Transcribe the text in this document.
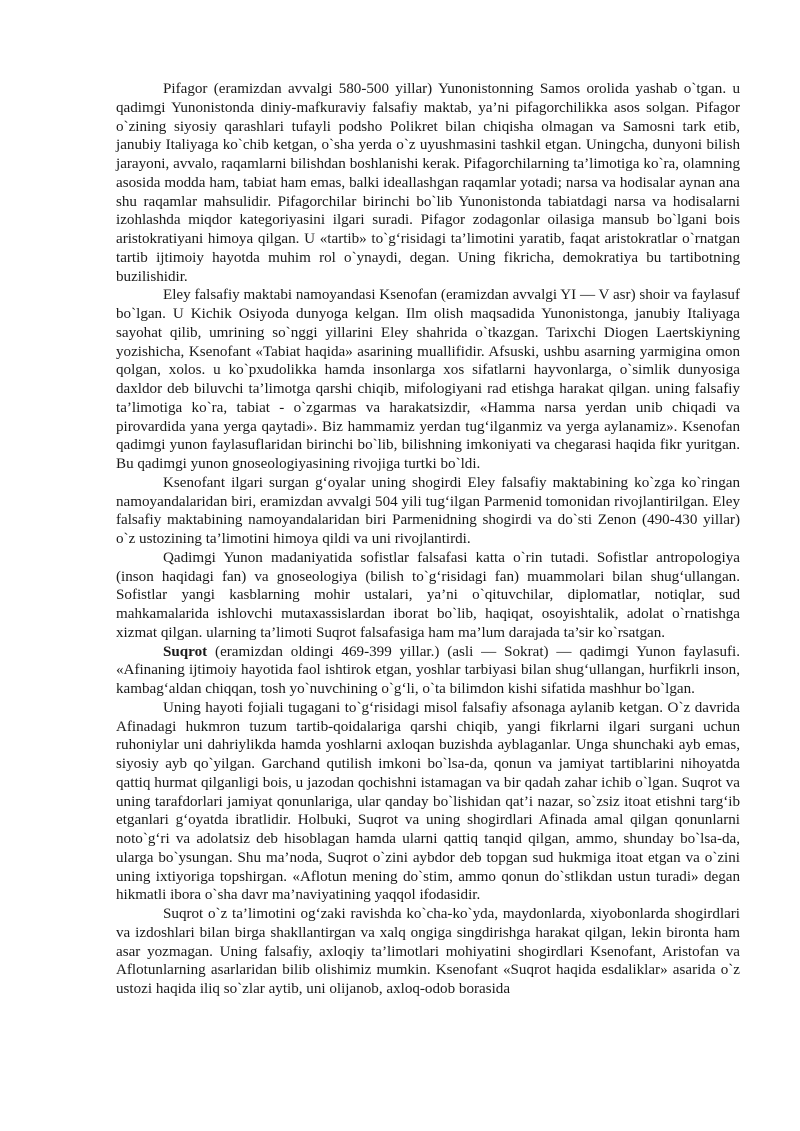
Pifagor (eramizdan avvalgi 580-500 yillar) Yunonistonning Samos orolida yashab o`tgan. u qadimgi Yunonistonda diniy-mafkuraviy falsafiy maktab, ya’ni pifagorchilikka asos solgan. Pifagor o`zining siyosiy qarashlari tufayli podsho Polikret bilan chiqisha olmagan va Samosni tark etib, janubiy Italiyaga ko`chib ketgan, o`sha yerda o`z uyushmasini tashkil etgan. Uningcha, dunyoni bilish jarayoni, avvalo, raqamlarni bilishdan boshlanishi kerak. Pifagorchilarning ta’limotiga ko`ra, olamning asosida modda ham, tabiat ham emas, balki ideallashgan raqamlar yotadi; narsa va hodisalar aynan ana shu raqamlar mahsulidir. Pifagorchilar birinchi bo`lib Yunonistonda tabiatdagi narsa va hodisalarni izohlashda miqdor kategoriyasini ilgari suradi. Pifagor zodagonlar oilasiga mansub bo`lgani bois aristokratiyani himoya qilgan. U «tartib» to`g‘risidagi ta’limotini yaratib, faqat aristokratlar o`rnatgan tartib ijtimoiy hayotda muhim rol o`ynaydi, degan. Uning fikricha, demokratiya bu tartibotning buzilishidir.

Eley falsafiy maktabi namoyandasi Ksenofan (eramizdan avvalgi YI — V asr) shoir va faylasuf bo`lgan. U Kichik Osiyoda dunyoga kelgan. Ilm olish maqsadida Yunonistonga, janubiy Italiyaga sayohat qilib, umrining so`nggi yillarini Eley shahrida o`tkazgan. Tarixchi Diogen Laertskiyning yozishicha, Ksenofant «Tabiat haqida» asarining muallifidir. Afsuski, ushbu asarning yarmigina omon qolgan, xolos. u ko`pxudolikka hamda insonlarga xos sifatlarni hayvonlarga, o`simlik dunyosiga daxldor deb biluvchi ta’limotga qarshi chiqib, mifologiyani rad etishga harakat qilgan. uning falsafiy ta’limotiga ko`ra, tabiat - o`zgarmas va harakatsizdir, «Hamma narsa yerdan unib chiqadi va pirovardida yana yerga qaytadi». Biz hammamiz yerdan tug‘ilganmiz va yerga aylanamiz». Ksenofan qadimgi yunon faylasuflaridan birinchi bo`lib, bilishning imkoniyati va chegarasi haqida fikr yuritgan. Bu qadimgi yunon gnoseologiyasining rivojiga turtki bo`ldi.

Ksenofant ilgari surgan g‘oyalar uning shogirdi Eley falsafiy maktabining ko`zga ko`ringan namoyandalaridan biri, eramizdan avvalgi 504 yili tug‘ilgan Parmenid tomonidan rivojlantirilgan. Eley falsafiy maktabining namoyandalaridan biri Parmenidning shogirdi va do`sti Zenon (490-430 yillar) o`z ustozining ta’limotini himoya qildi va uni rivojlantirdi.

Qadimgi Yunon madaniyatida sofistlar falsafasi katta o`rin tutadi. Sofistlar antropologiya (inson haqidagi fan) va gnoseologiya (bilish to`g‘risidagi fan) muammolari bilan shug‘ullangan. Sofistlar yangi kasblarning mohir ustalari, ya’ni o`qituvchilar, diplomatlar, notiqlar, sud mahkamalarida ishlovchi mutaxassislardan iborat bo`lib, haqiqat, osoyishtalik, adolat o`rnatishga xizmat qilgan. ularning ta’limoti Suqrot falsafasiga ham ma’lum darajada ta’sir ko`rsatgan.

Suqrot (eramizdan oldingi 469-399 yillar.) (asli — Sokrat) — qadimgi Yunon faylasufi. «Afinaning ijtimoiy hayotida faol ishtirok etgan, yoshlar tarbiyasi bilan shug‘ullangan, hurfikrli inson, kambag‘aldan chiqqan, tosh yo`nuvchining o`g‘li, o`ta bilimdon kishi sifatida mashhur bo`lgan.

Uning hayoti fojiali tugagani to`g‘risidagi misol falsafiy afsonaga aylanib ketgan. O`z davrida Afinadagi hukmron tuzum tartib-qoidalariga qarshi chiqib, yangi fikrlarni ilgari surgani uchun ruhoniylar uni dahriylikda hamda yoshlarni axloqan buzishda ayblaganlar. Unga shunchaki ayb emas, siyosiy ayb qo`yilgan. Garchand qutilish imkoni bo`lsa-da, qonun va jamiyat tartiblarini nihoyatda qattiq hurmat qilganligi bois, u jazodan qochishni istamagan va bir qadah zahar ichib o`lgan. Suqrot va uning tarafdorlari jamiyat qonunlariga, ular qanday bo`lishidan qat’i nazar, so`zsiz itoat etishni targ‘ib etganlari g‘oyatda ibratlidir. Holbuki, Suqrot va uning shogirdlari Afinada amal qilgan qonunlarni noto`g‘ri va adolatsiz deb hisoblagan hamda ularni qattiq tanqid qilgan, ammo, shunday bo`lsa-da, ularga bo`ysungan. Shu ma’noda, Suqrot o`zini aybdor deb topgan sud hukmiga itoat etgan va o`zini uning ixtiyoriga topshirgan. «Aflotun mening do`stim, ammo qonun do`stlikdan ustun turadi» degan hikmatli ibora o`sha davr ma’naviyatining yaqqol ifodasidir.

Suqrot o`z ta’limotini og‘zaki ravishda ko`cha-ko`yda, maydonlarda, xiyobonlarda shogirdlari va izdoshlari bilan birga shakllantirgan va xalq ongiga singdirishga harakat qilgan, lekin bironta ham asar yozmagan. Uning falsafiy, axloqiy ta’limotlari mohiyatini shogirdlari Ksenofant, Aristofan va Aflotunlarning asarlaridan bilib olishimiz mumkin. Ksenofant «Suqrot haqida esdaliklar» asarida o`z ustozi haqida iliq so`zlar aytib, uni olijanob, axloq-odob borasida
